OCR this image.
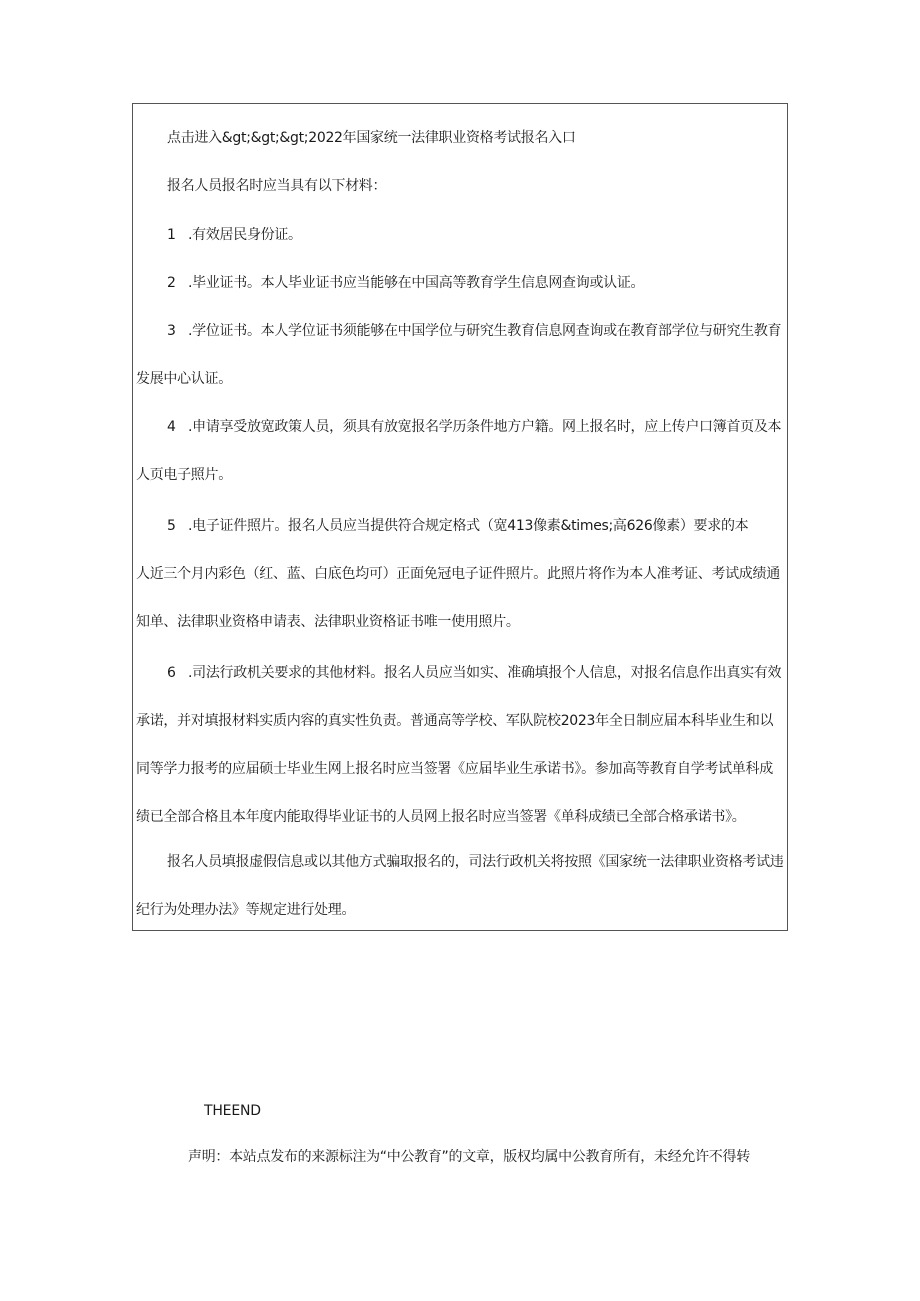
点击进入&gt;&gt;&gt;2022年国家统一法律职业资格考试报名入口

报名人员报名时应当具有以下材料：

1 .有效居民身份证。

2 .毕业证书。本人毕业证书应当能够在中国高等教育学生信息网查询或认证。

3 .学位证书。本人学位证书须能够在中国学位与研究生教育信息网查询或在教育部学位与研究生教育
发展中心认证。

4 .申请享受放宽政策人员，须具有放宽报名学历条件地方户籍。网上报名时，应上传户口簿首页及本
人页电子照片。

5 .电子证件照片。报名人员应当提供符合规定格式（宽413像素&times;高626像素）要求的本
人近三个月内彩色（红、蓝、白底色均可）正面免冠电子证件照片。此照片将作为本人准考证、考试成绩通
知单、法律职业资格申请表、法律职业资格证书唯一使用照片。

6 .司法行政机关要求的其他材料。报名人员应当如实、准确填报个人信息，对报名信息作出真实有效
承诺，并对填报材料实质内容的真实性负责。普通高等学校、军队院校2023年全日制应届本科毕业生和以
同等学力报考的应届硕士毕业生网上报名时应当签署《应届毕业生承诺书》。参加高等教育自学考试单科成
绩已全部合格且本年度内能取得毕业证书的人员网上报名时应当签署《单科成绩已全部合格承诺书》。

报名人员填报虚假信息或以其他方式骗取报名的，司法行政机关将按照《国家统一法律职业资格考试违
纪行为处理办法》等规定进行处理。

THEEND
声明：本站点发布的来源标注为“中公教育”的文章，版权均属中公教育所有，未经允许不得转
